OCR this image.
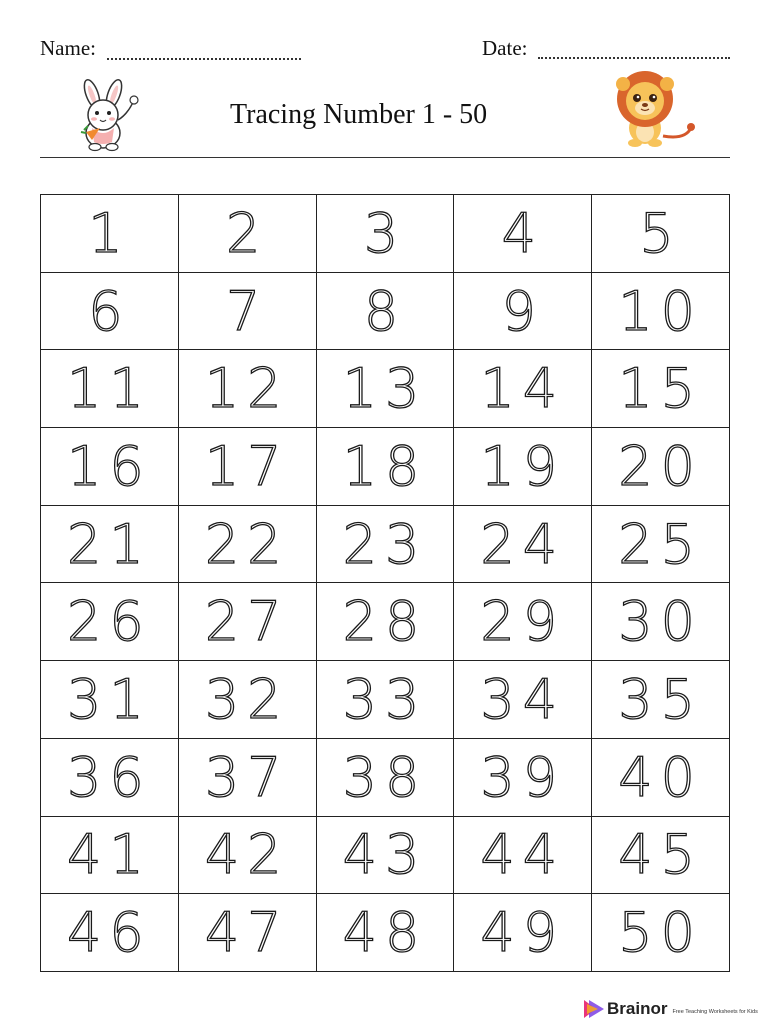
Name:	Date:
Tracing Number 1 - 50
1	2	3	4	5
6	7	8	9	10
11 12 13 14 15
16 17 18 19 20
21 22 23 24 25
26 27 28 29 30
31 32 33 34 35
36 37 38 39 40
41 42 43 44 45
46 47 48 49 50
Brainor Free Teaching Worksheets for Kids
